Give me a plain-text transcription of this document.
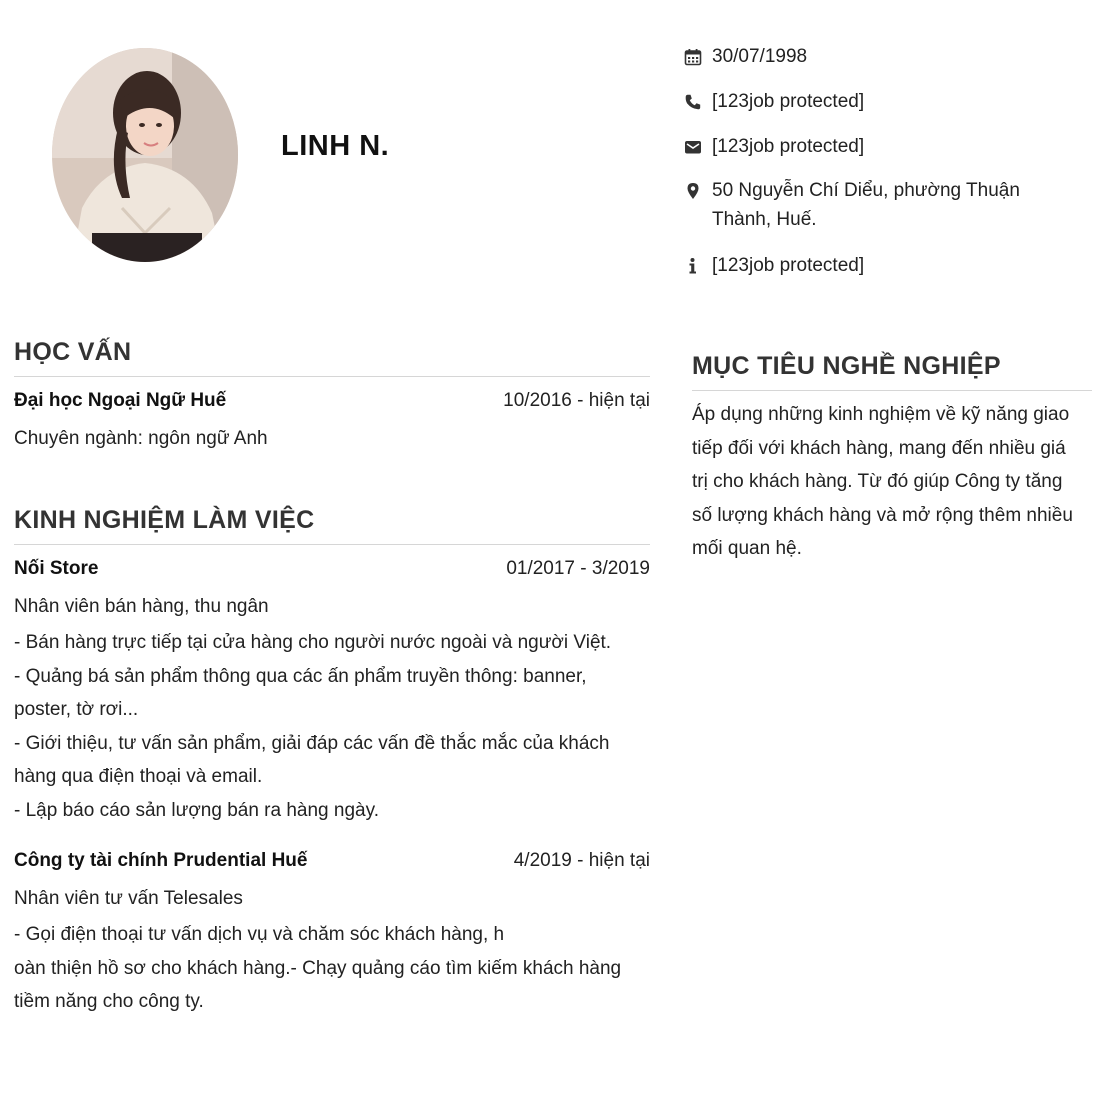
LINH N.
30/07/1998
[123job protected]
[123job protected]
50 Nguyễn Chí Diểu, phường Thuận
Thành, Huế.
[123job protected]
HỌC VẤN
Đại học Ngoại Ngữ Huế	10/2016 - hiện tại
Chuyên ngành: ngôn ngữ Anh
KINH NGHIỆM LÀM VIỆC
Nối Store	01/2017 - 3/2019
Nhân viên bán hàng, thu ngân

- Bán hàng trực tiếp tại cửa hàng cho người nước ngoài và người Việt.

- Quảng bá sản phẩm thông qua các ấn phẩm truyền thông: banner,

poster, tờ rơi...

- Giới thiệu, tư vấn sản phẩm, giải đáp các vấn đề thắc mắc của khách

hàng qua điện thoại và email.

- Lập báo cáo sản lượng bán ra hàng ngày.

Công ty tài chính Prudential Huế	4/2019 - hiện tại
Nhân viên tư vấn Telesales

- Gọi điện thoại tư vấn dịch vụ và chăm sóc khách hàng, h

oàn thiện hồ sơ cho khách hàng.- Chạy quảng cáo tìm kiếm khách hàng

tiềm năng cho công ty.

MỤC TIÊU NGHỀ NGHIỆP

Áp dụng những kinh nghiệm về kỹ năng giao

tiếp đối với khách hàng, mang đến nhiều giá

trị cho khách hàng. Từ đó giúp Công ty tăng

số lượng khách hàng và mở rộng thêm nhiều

mối quan hệ.
